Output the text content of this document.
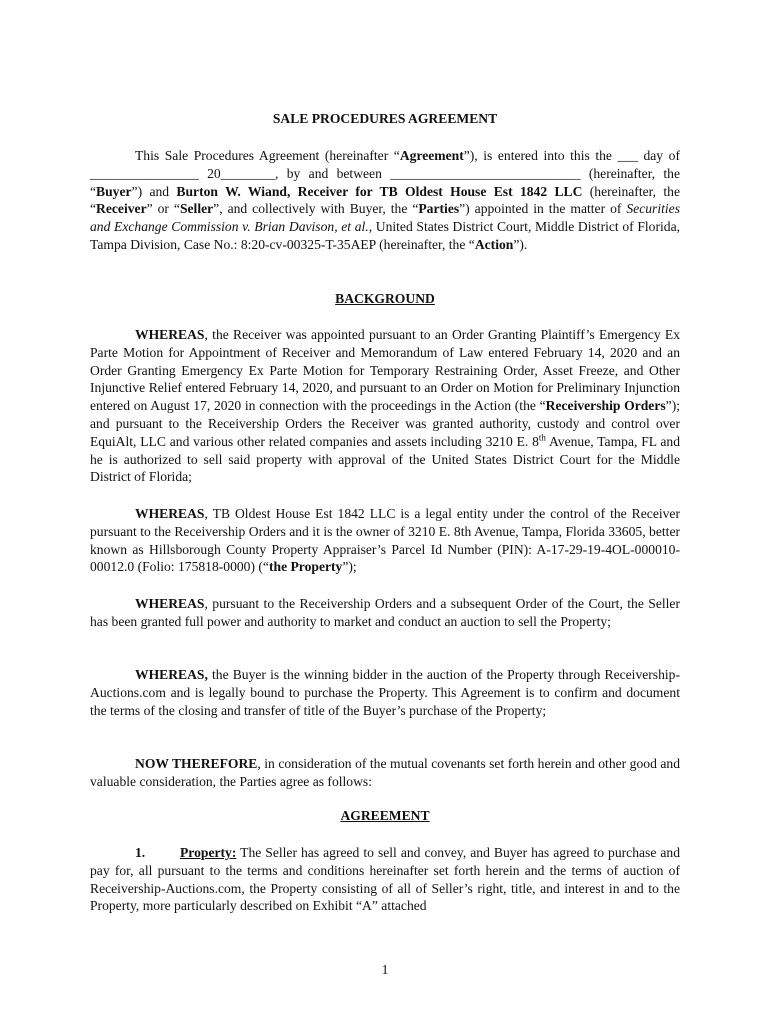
SALE PROCEDURES AGREEMENT

This Sale Procedures Agreement (hereinafter “Agreement”), is entered into this the ___ day of ________________ 20________, by and between ____________________________ (hereinafter, the “Buyer”) and Burton W. Wiand, Receiver for TB Oldest House Est 1842 LLC (hereinafter, the “Receiver” or “Seller”, and collectively with Buyer, the “Parties”) appointed in the matter of Securities and Exchange Commission v. Brian Davison, et al., United States District Court, Middle District of Florida, Tampa Division, Case No.: 8:20-cv-00325-T-35AEP (hereinafter, the “Action”).

BACKGROUND

WHEREAS, the Receiver was appointed pursuant to an Order Granting Plaintiff’s Emergency Ex Parte Motion for Appointment of Receiver and Memorandum of Law entered February 14, 2020 and an Order Granting Emergency Ex Parte Motion for Temporary Restraining Order, Asset Freeze, and Other Injunctive Relief entered February 14, 2020, and pursuant to an Order on Motion for Preliminary Injunction entered on August 17, 2020 in connection with the proceedings in the Action (the “Receivership Orders”); and pursuant to the Receivership Orders the Receiver was granted authority, custody and control over EquiAlt, LLC and various other related companies and assets including 3210 E. 8th Avenue, Tampa, FL and he is authorized to sell said property with approval of the United States District Court for the Middle District of Florida;

WHEREAS, TB Oldest House Est 1842 LLC is a legal entity under the control of the Receiver pursuant to the Receivership Orders and it is the owner of 3210 E. 8th Avenue, Tampa, Florida 33605, better known as Hillsborough County Property Appraiser’s Parcel Id Number (PIN): A-17-29-19-4OL-000010-00012.0 (Folio: 175818-0000) (“the Property”);

WHEREAS, pursuant to the Receivership Orders and a subsequent Order of the Court, the Seller has been granted full power and authority to market and conduct an auction to sell the Property;

WHEREAS, the Buyer is the winning bidder in the auction of the Property through Receivership-Auctions.com and is legally bound to purchase the Property. This Agreement is to confirm and document the terms of the closing and transfer of title of the Buyer’s purchase of the Property;

NOW THEREFORE, in consideration of the mutual covenants set forth herein and other good and valuable consideration, the Parties agree as follows:

AGREEMENT

1.	Property: The Seller has agreed to sell and convey, and Buyer has agreed to purchase and pay for, all pursuant to the terms and conditions hereinafter set forth herein and the terms of auction of Receivership-Auctions.com, the Property consisting of all of Seller’s right, title, and interest in and to the Property, more particularly described on Exhibit “A” attached

1
